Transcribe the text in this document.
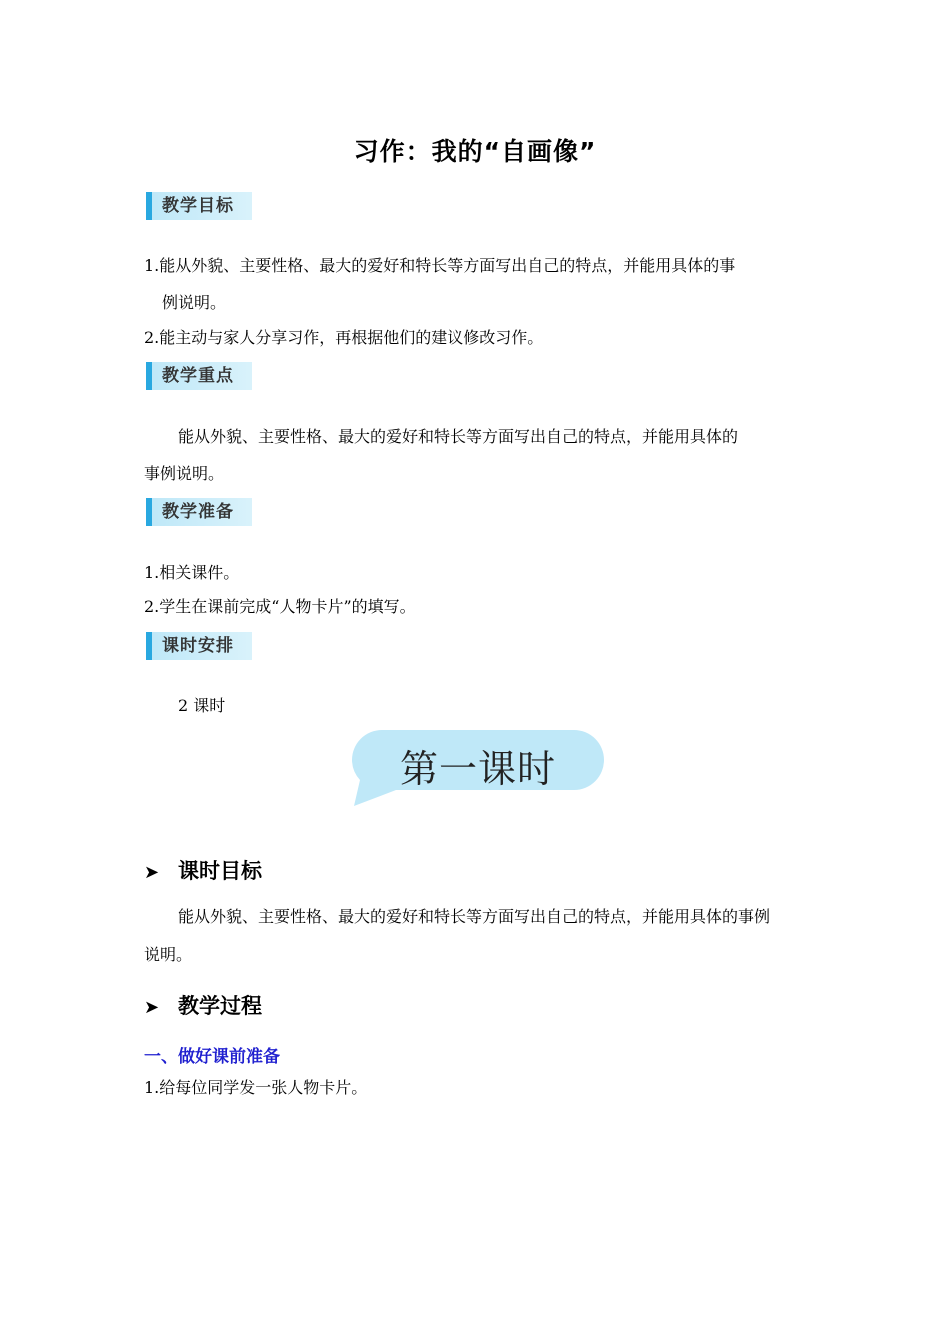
习作：我的“自画像”
教学目标
1.能从外貌、主要性格、最大的爱好和特长等方面写出自己的特点，并能用具体的事
例说明。
2.能主动与家人分享习作，再根据他们的建议修改习作。
教学重点
能从外貌、主要性格、最大的爱好和特长等方面写出自己的特点，并能用具体的
事例说明。
教学准备
1.相关课件。
2.学生在课前完成“人物卡片”的填写。
课时安排
2 课时
第一课时
➤ 课时目标
能从外貌、主要性格、最大的爱好和特长等方面写出自己的特点，并能用具体的事例
说明。
➤ 教学过程
一、做好课前准备
1.给每位同学发一张人物卡片。
